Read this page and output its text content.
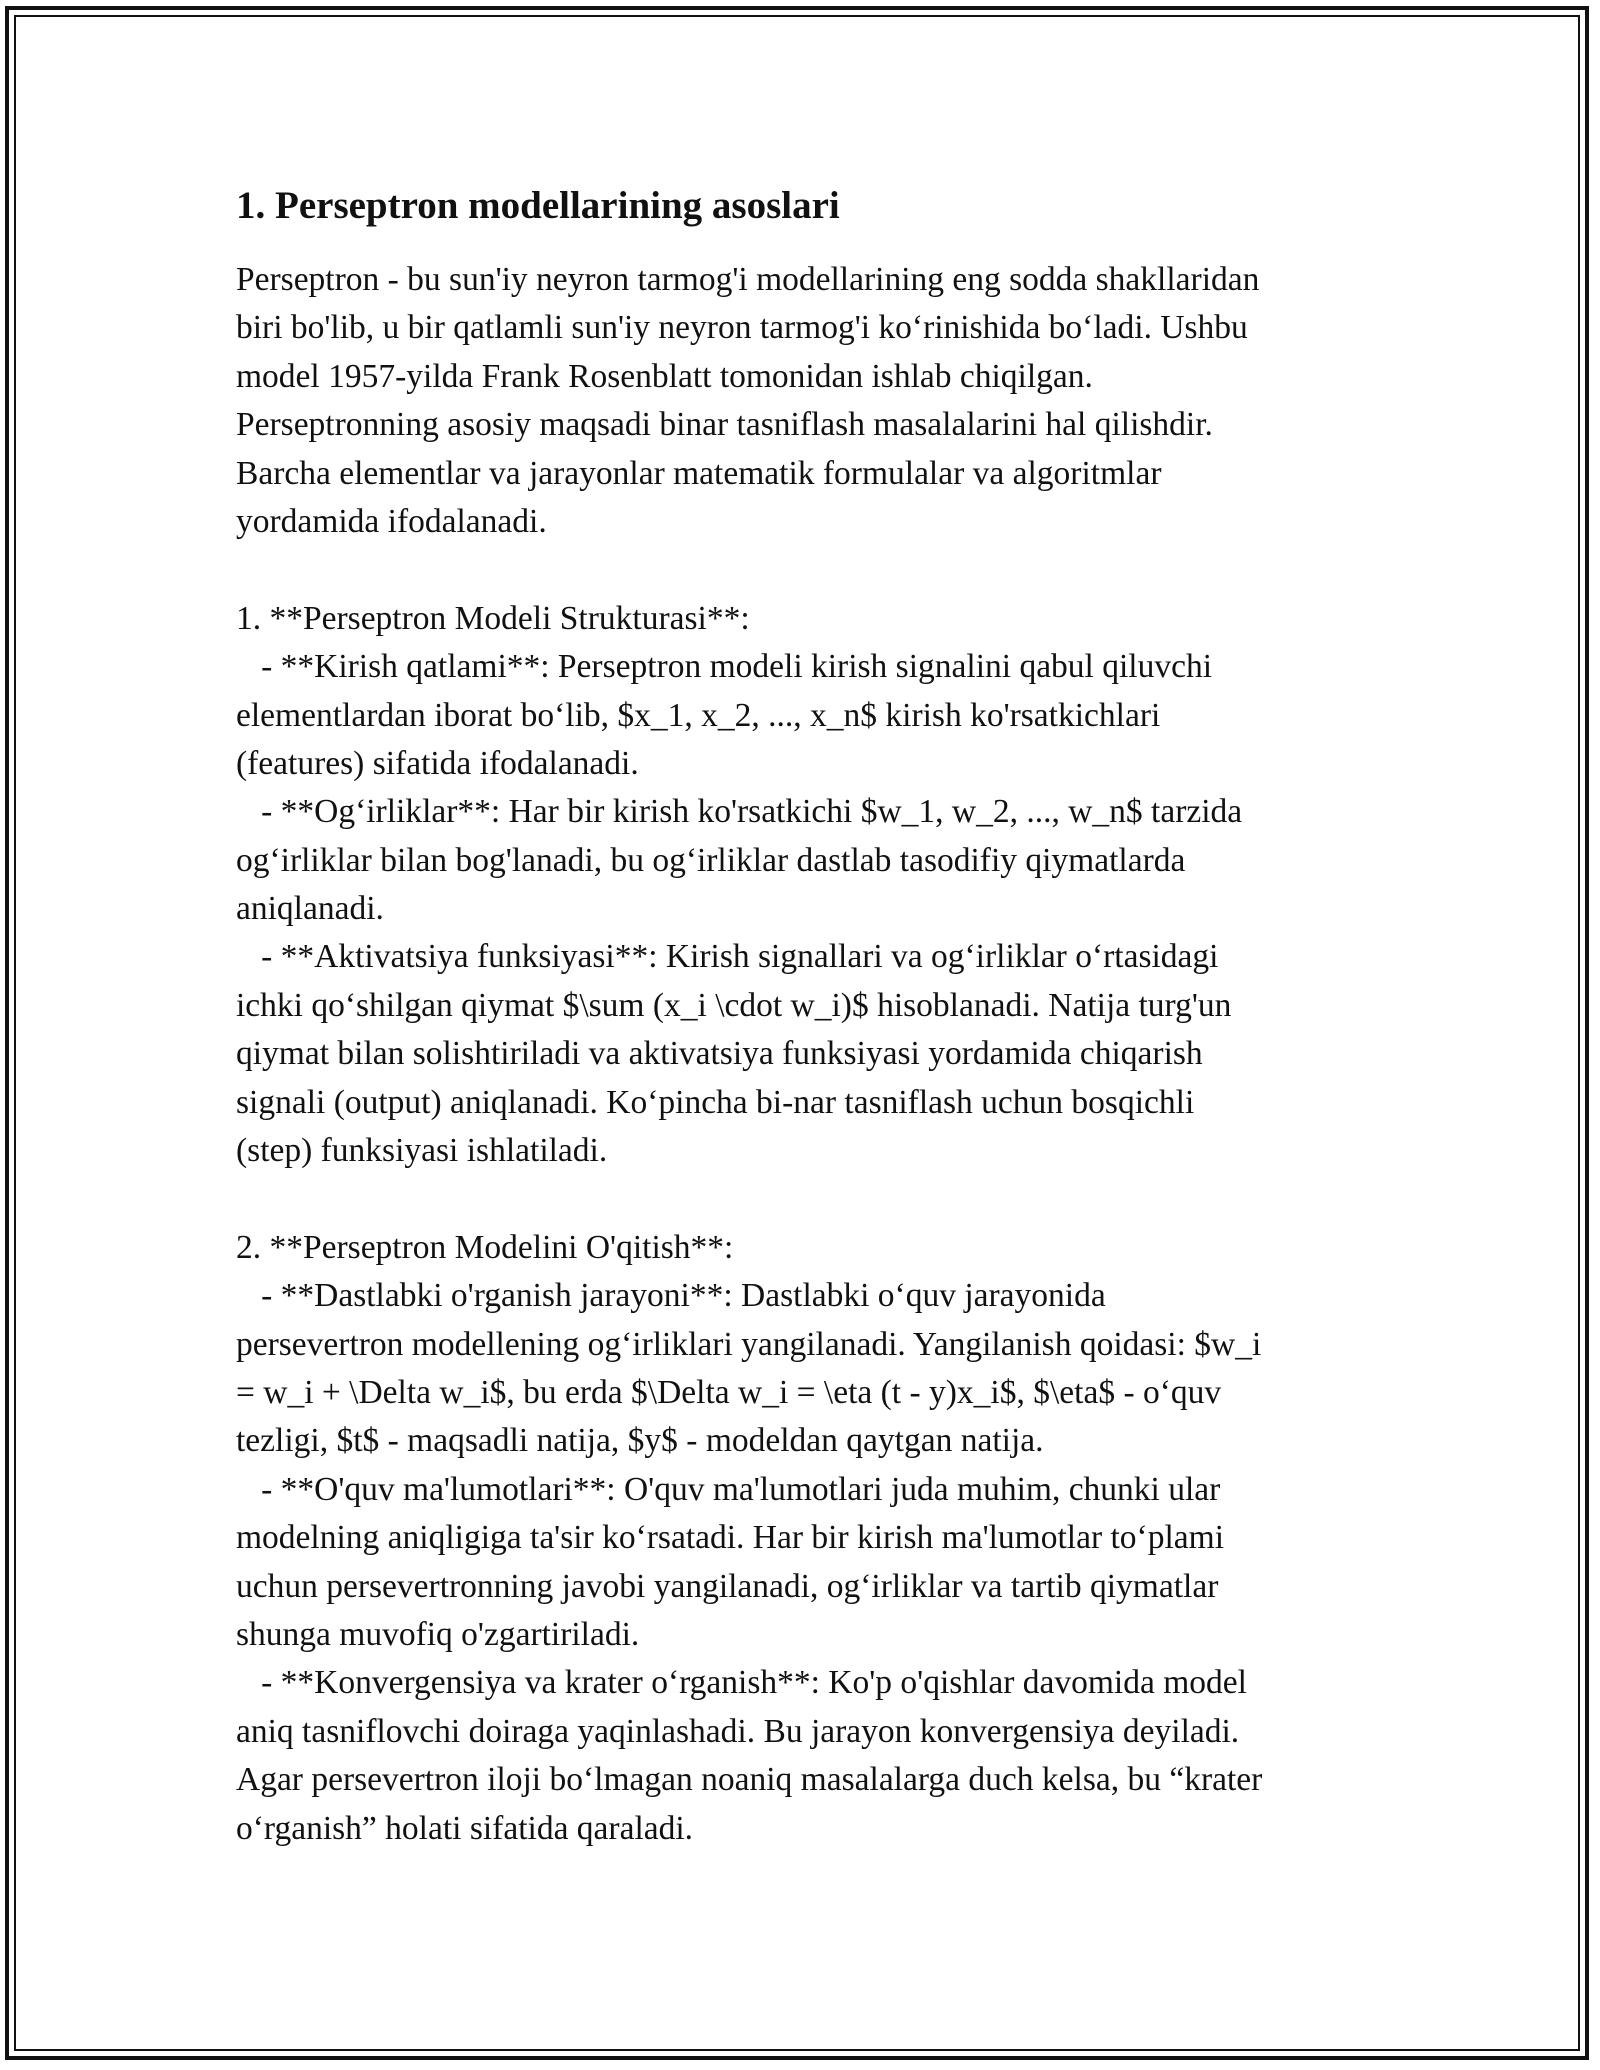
1. Perseptron modellarining asoslari
Perseptron - bu sun'iy neyron tarmog'i modellarining eng sodda shakllaridan
biri bo'lib, u bir qatlamli sun'iy neyron tarmog'i ko‘rinishida bo‘ladi. Ushbu
model 1957-yilda Frank Rosenblatt tomonidan ishlab chiqilgan.
Perseptronning asosiy maqsadi binar tasniflash masalalarini hal qilishdir.
Barcha elementlar va jarayonlar matematik formulalar va algoritmlar
yordamida ifodalanadi.
1. **Perseptron Modeli Strukturasi**:
- **Kirish qatlami**: Perseptron modeli kirish signalini qabul qiluvchi
elementlardan iborat bo‘lib, $x_1, x_2, ..., x_n$ kirish ko'rsatkichlari
(features) sifatida ifodalanadi.
- **Og‘irliklar**: Har bir kirish ko'rsatkichi $w_1, w_2, ..., w_n$ tarzida
og‘irliklar bilan bog'lanadi, bu og‘irliklar dastlab tasodifiy qiymatlarda
aniqlanadi.
- **Aktivatsiya funksiyasi**: Kirish signallari va og‘irliklar o‘rtasidagi
ichki qo‘shilgan qiymat $\sum (x_i \cdot w_i)$ hisoblanadi. Natija turg'un
qiymat bilan solishtiriladi va aktivatsiya funksiyasi yordamida chiqarish
signali (output) aniqlanadi. Ko‘pincha bi-nar tasniflash uchun bosqichli
(step) funksiyasi ishlatiladi.
2. **Perseptron Modelini O'qitish**:
- **Dastlabki o'rganish jarayoni**: Dastlabki o‘quv jarayonida
persevertron modellening og‘irliklari yangilanadi. Yangilanish qoidasi: $w_i
= w_i + \Delta w_i$, bu erda $\Delta w_i = \eta (t - y)x_i$, $\eta$ - o‘quv
tezligi, $t$ - maqsadli natija, $y$ - modeldan qaytgan natija.
- **O'quv ma'lumotlari**: O'quv ma'lumotlari juda muhim, chunki ular
modelning aniqligiga ta'sir ko‘rsatadi. Har bir kirish ma'lumotlar to‘plami
uchun persevertronning javobi yangilanadi, og‘irliklar va tartib qiymatlar
shunga muvofiq o'zgartiriladi.
- **Konvergensiya va krater o‘rganish**: Ko'p o'qishlar davomida model
aniq tasniflovchi doiraga yaqinlashadi. Bu jarayon konvergensiya deyiladi.
Agar persevertron iloji bo‘lmagan noaniq masalalarga duch kelsa, bu “krater
o‘rganish” holati sifatida qaraladi.
